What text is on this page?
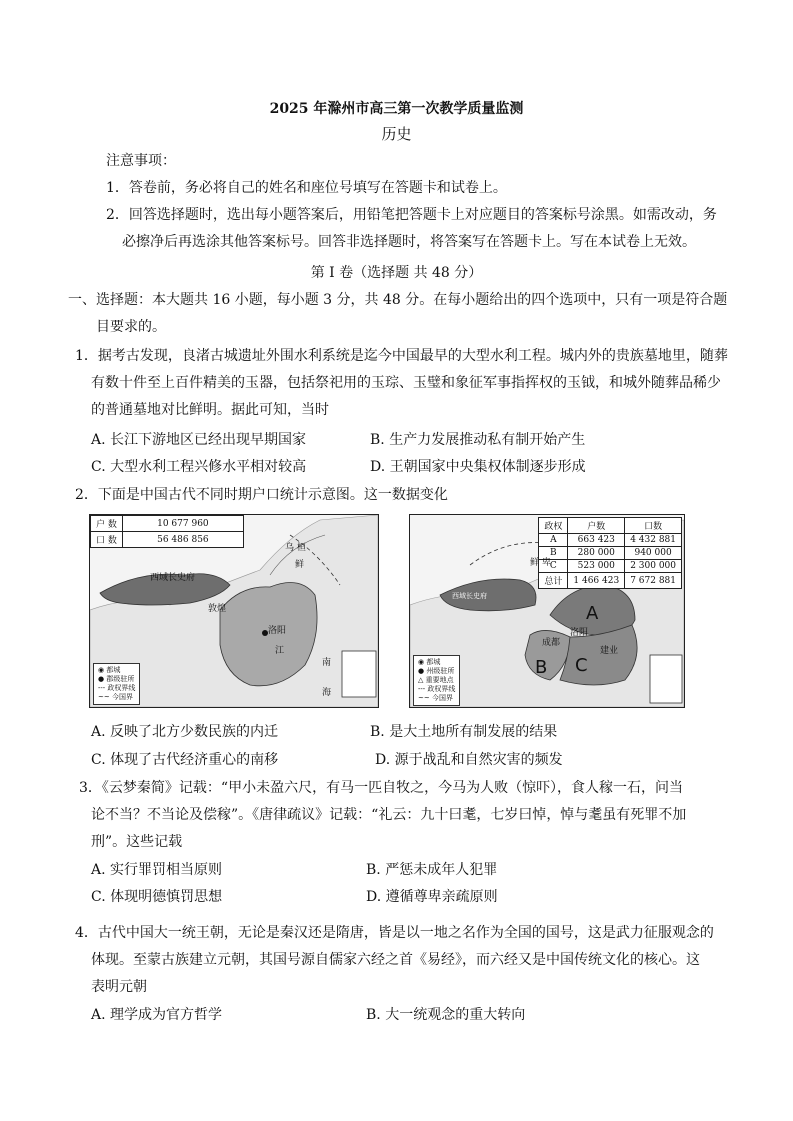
2025 年滁州市高三第一次教学质量监测
历史
注意事项：
1．答卷前，务必将自己的姓名和座位号填写在答题卡和试卷上。
2．回答选择题时，选出每小题答案后，用铅笔把答题卡上对应题目的答案标号涂黑。如需改动，务
必擦净后再选涂其他答案标号。回答非选择题时，将答案写在答题卡上。写在本试卷上无效。
第 I 卷（选择题 共 48 分）
一、选择题：本大题共 16 小题，每小题 3 分，共 48 分。在每小题给出的四个选项中，只有一项是符合题
目要求的。
1．据考古发现，良渚古城遗址外围水利系统是迄今中国最早的大型水利工程。城内外的贵族墓地里，随葬
有数十件至上百件精美的玉器，包括祭祀用的玉琮、玉璧和象征军事指挥权的玉钺，和城外随葬品稀少
的普通墓地对比鲜明。据此可知，当时
A. 长江下游地区已经出现早期国家	B. 生产力发展推动私有制开始产生
C. 大型水利工程兴修水平相对较高	D. 王朝国家中央集权体制逐步形成
2．下面是中国古代不同时期户口统计示意图。这一数据变化
户 数	10 677 960
口 数	56 486 856
西域长史府
洛阳
敦煌
鲜
乌 桓
江
南
海
◉ 都城
● 郡级驻所
--- 政权界线
~~ 今国界
政权	户数	口数
A	663 423	4 432 881
B	280 000	940 000
C	523 000	2 300 000
总计	1 466 423	7 672 881
西域长史府
洛阳
成都
建业
鲜 卑
A
B C
◉ 都城
● 州级驻所
△ 重要地点
--- 政权界线
~~ 今国界
A. 反映了北方少数民族的内迁	B. 是大土地所有制发展的结果
C. 体现了古代经济重心的南移	D. 源于战乱和自然灾害的频发
3．《云梦秦简》记载：“甲小未盈六尺，有马一匹自牧之，今马为人败（惊吓），食人稼一石，问当
论不当？不当论及偿稼”。《唐律疏议》记载：“礼云：九十曰耄，七岁曰悼，悼与耄虽有死罪不加
刑”。这些记载
A. 实行罪罚相当原则	B. 严惩未成年人犯罪
C. 体现明德慎罚思想	D. 遵循尊卑亲疏原则
4．古代中国大一统王朝，无论是秦汉还是隋唐，皆是以一地之名作为全国的国号，这是武力征服观念的
体现。至蒙古族建立元朝，其国号源自儒家六经之首《易经》，而六经又是中国传统文化的核心。这
表明元朝
A. 理学成为官方哲学	B. 大一统观念的重大转向
